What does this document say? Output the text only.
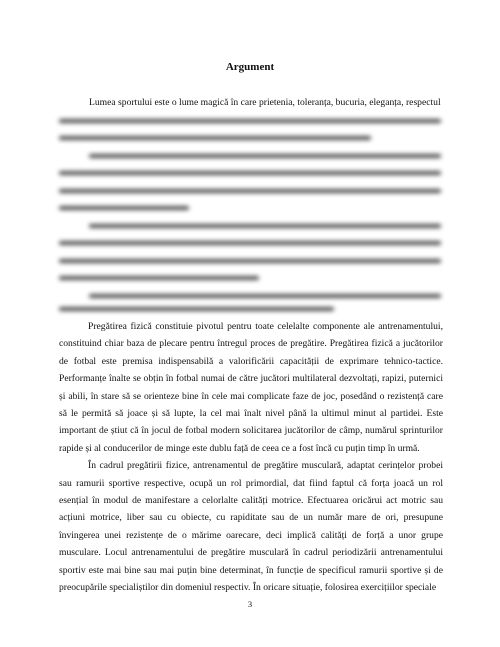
Argument
Lumea sportului este o lume magică în care prietenia, toleranța, bucuria, eleganța, respectul

Pregătirea fizică constituie pivotul pentru toate celelalte componente ale antrenamentului, constituind chiar baza de plecare pentru întregul proces de pregătire. Pregătirea fizică a jucătorilor de fotbal este premisa indispensabilă a valorificării capacității de exprimare tehnico-tactice. Performanțe înalte se obțin în fotbal numai de către jucători multilateral dezvoltați, rapizi, puternici și abili, în stare să se orienteze bine în cele mai complicate faze de joc, posedând o rezistență care să le permită să joace și să lupte, la cel mai înalt nivel până la ultimul minut al partidei. Este important de știut că în jocul de fotbal modern solicitarea jucătorilor de câmp, numărul sprinturilor rapide și al conducerilor de minge este dublu față de ceea ce a fost încă cu puțin timp în urmă.

În cadrul pregătirii fizice, antrenamentul de pregătire musculară, adaptat cerințelor probei sau ramurii sportive respective, ocupă un rol primordial, dat fiind faptul că forța joacă un rol esențial în modul de manifestare a celorlalte calități motrice. Efectuarea oricărui act motric sau acțiuni motrice, liber sau cu obiecte, cu rapiditate sau de un număr mare de ori, presupune învingerea unei rezistențe de o mărime oarecare, deci implică calități de forță a unor grupe musculare. Locul antrenamentului de pregătire musculară în cadrul periodizării antrenamentului sportiv este mai bine sau mai puțin bine determinat, în funcție de specificul ramurii sportive și de preocupările specialiștilor din domeniul respectiv. În oricare situație, folosirea exercițiilor speciale

3
